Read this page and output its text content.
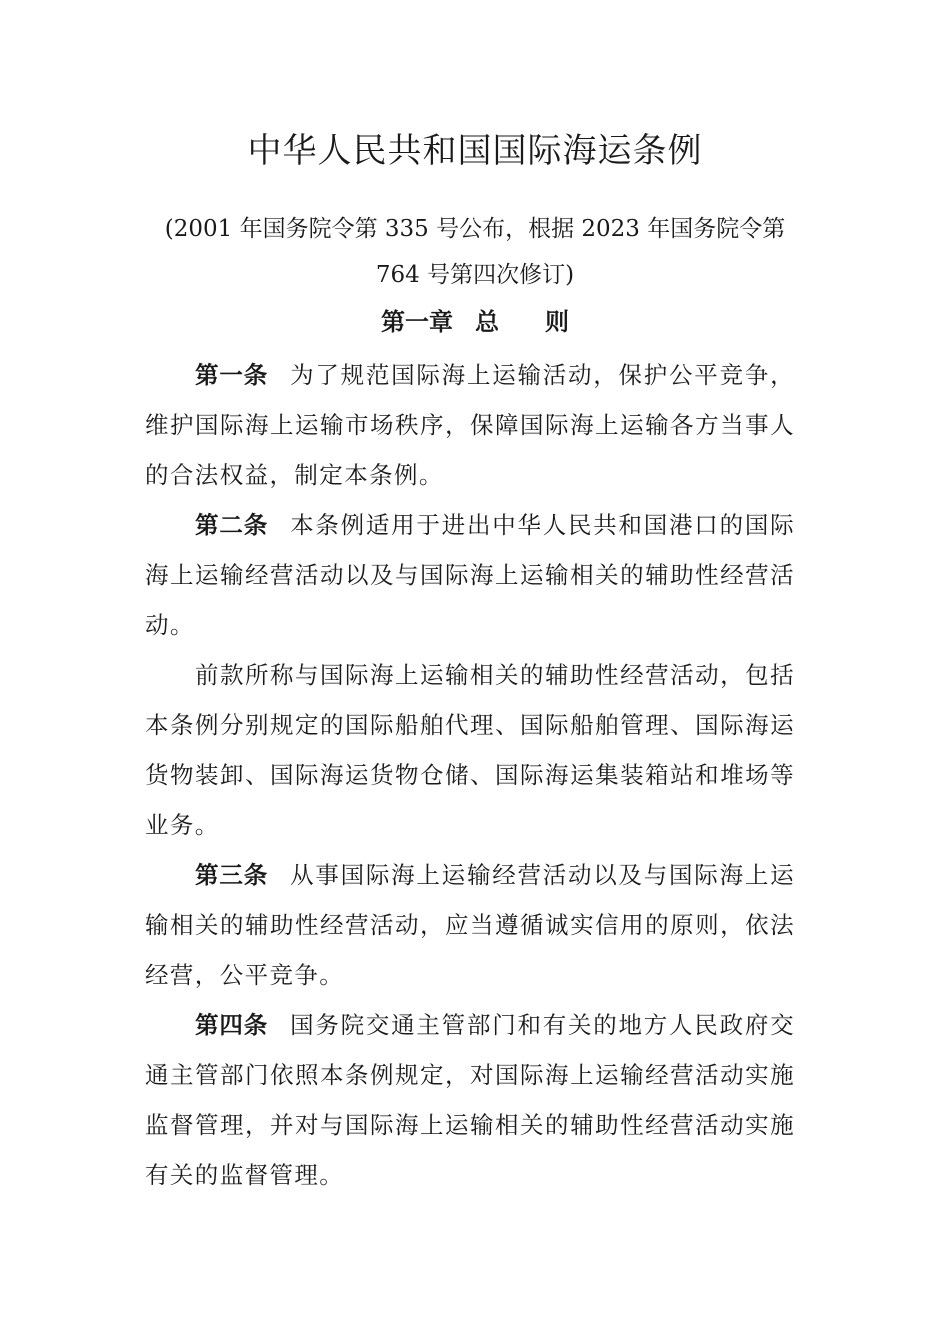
中华人民共和国国际海运条例

(2001 年国务院令第 335 号公布，根据 2023 年国务院令第 764 号第四次修订)

第一章 总 则

第一条 为了规范国际海上运输活动，保护公平竞争，维护国际海上运输市场秩序，保障国际海上运输各方当事人的合法权益，制定本条例。

第二条 本条例适用于进出中华人民共和国港口的国际海上运输经营活动以及与国际海上运输相关的辅助性经营活动。

前款所称与国际海上运输相关的辅助性经营活动，包括本条例分别规定的国际船舶代理、国际船舶管理、国际海运货物装卸、国际海运货物仓储、国际海运集装箱站和堆场等业务。

第三条 从事国际海上运输经营活动以及与国际海上运输相关的辅助性经营活动，应当遵循诚实信用的原则，依法经营，公平竞争。

第四条 国务院交通主管部门和有关的地方人民政府交通主管部门依照本条例规定，对国际海上运输经营活动实施监督管理，并对与国际海上运输相关的辅助性经营活动实施有关的监督管理。
